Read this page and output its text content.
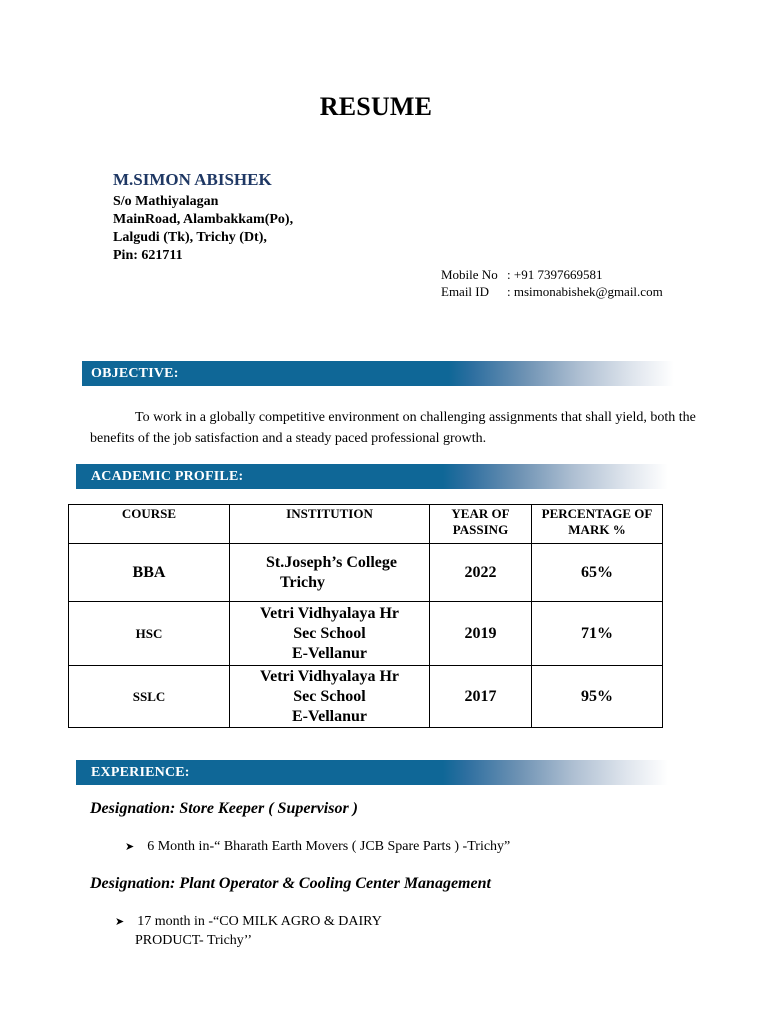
RESUME
M.SIMON ABISHEK
S/o Mathiyalagan
MainRoad, Alambakkam(Po),
Lalgudi (Tk), Trichy (Dt),
Pin: 621711
Mobile No : +91 7397669581
Email ID : msimonabishek@gmail.com
OBJECTIVE:
To work in a globally competitive environment on challenging assignments that shall yield, both the benefits of the job satisfaction and a steady paced professional growth.
ACADEMIC PROFILE:
COURSE	INSTITUTION	YEAR OF PASSING	PERCENTAGE OF MARK %
BBA	St.Joseph’s College
Trichy	2022	65%
HSC	Vetri Vidhyalaya Hr
Sec School
E-Vellanur	2019	71%
SSLC	Vetri Vidhyalaya Hr
Sec School
E-Vellanur	2017	95%
EXPERIENCE:
Designation: Store Keeper ( Supervisor )
➤ 6 Month in-“ Bharath Earth Movers ( JCB Spare Parts ) -Trichy”
Designation: Plant Operator & Cooling Center Management
➤ 17 month in -“CO MILK AGRO & DAIRY
PRODUCT- Trichy’’
